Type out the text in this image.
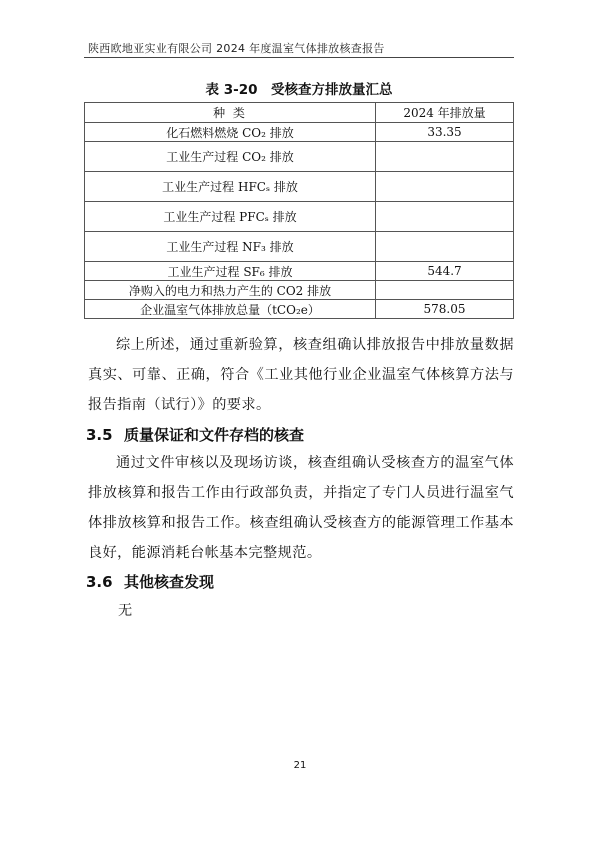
陕西欧地亚实业有限公司 2024 年度温室气体排放核查报告
表 3-20　受核查方排放量汇总
种 类	2024 年排放量
化石燃料燃烧 CO₂ 排放	33.35
工业生产过程 CO₂ 排放	
工业生产过程 HFCₛ 排放	
工业生产过程 PFCₛ 排放	
工业生产过程 NF₃ 排放	
工业生产过程 SF₆ 排放	544.7
净购入的电力和热力产生的 CO2 排放	
企业温室气体排放总量（tCO₂e）	578.05

综上所述，通过重新验算，核查组确认排放报告中排放量数据真实、可靠、正确，符合《工业其他行业企业温室气体核算方法与报告指南（试行）》的要求。

3.5 质量保证和文件存档的核查

通过文件审核以及现场访谈，核查组确认受核查方的温室气体排放核算和报告工作由行政部负责，并指定了专门人员进行温室气体排放核算和报告工作。核查组确认受核查方的能源管理工作基本良好，能源消耗台帐基本完整规范。

3.6 其他核查发现
无
21
